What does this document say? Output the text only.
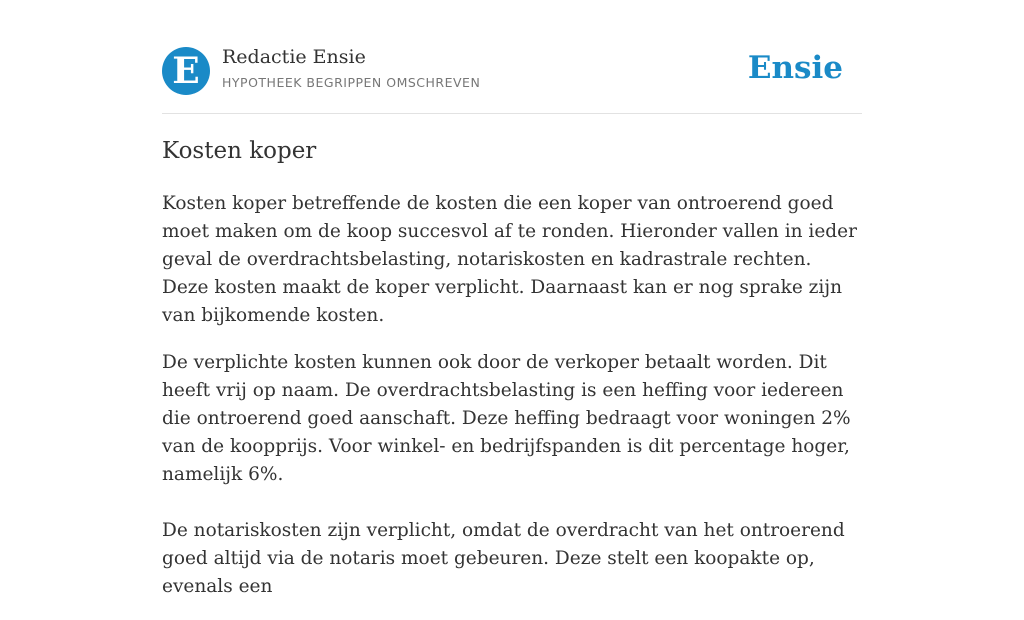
E	Redactie Ensie
HYPOTHEEK BEGRIPPEN OMSCHREVEN	Ensie
Kosten koper

Kosten koper betreffende de kosten die een koper van ontroerend goed moet maken om de koop succesvol af te ronden. Hieronder vallen in ieder geval de overdrachtsbelasting, notariskosten en kadrastrale rechten. Deze kosten maakt de koper verplicht. Daarnaast kan er nog sprake zijn van bijkomende kosten.

De verplichte kosten kunnen ook door de verkoper betaalt worden. Dit heeft vrij op naam. De overdrachtsbelasting is een heffing voor iedereen die ontroerend goed aanschaft. Deze heffing bedraagt voor woningen 2% van de koopprijs. Voor winkel- en bedrijfspanden is dit percentage hoger, namelijk 6%.

De notariskosten zijn verplicht, omdat de overdracht van het ontroerend goed altijd via de notaris moet gebeuren. Deze stelt een koopakte op, evenals een
